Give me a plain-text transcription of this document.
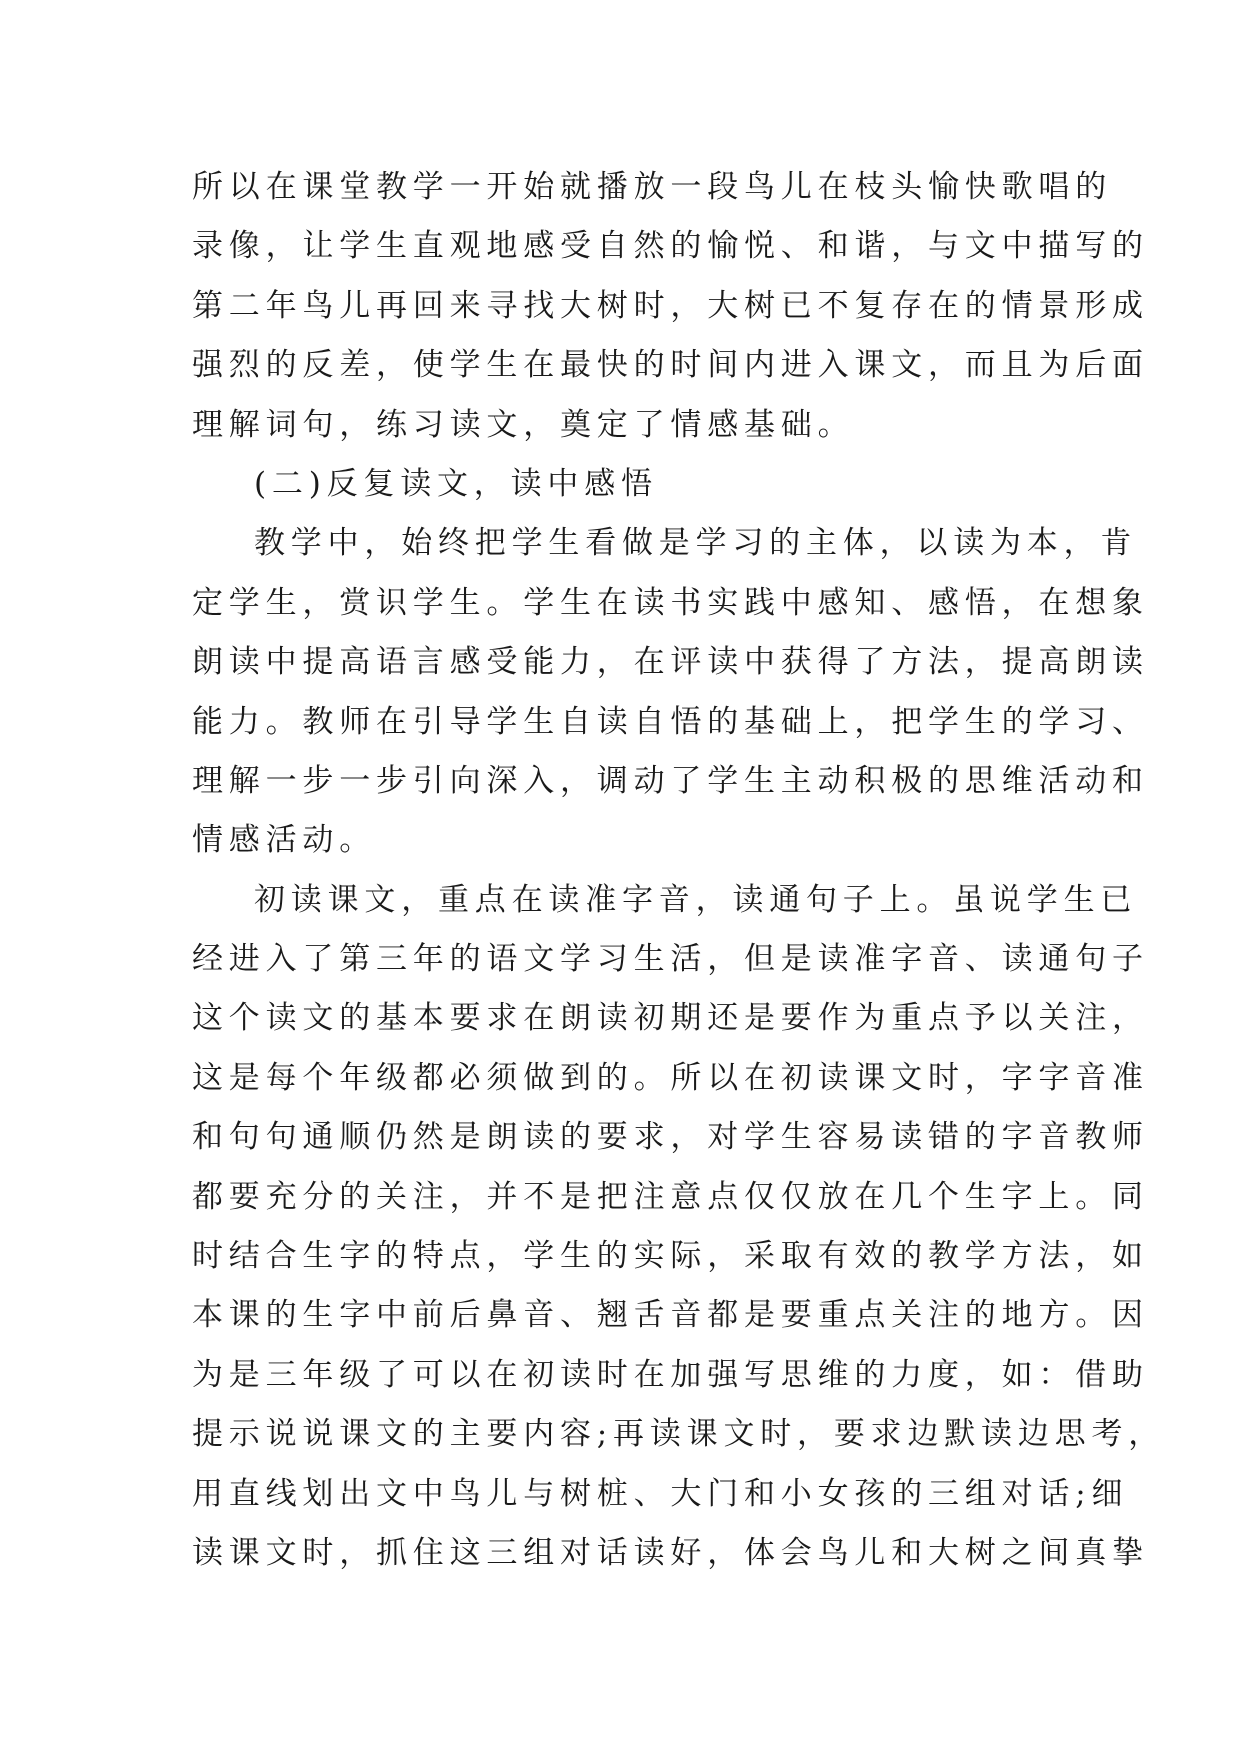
所以在课堂教学一开始就播放一段鸟儿在枝头愉快歌唱的
录像，让学生直观地感受自然的愉悦、和谐，与文中描写的
第二年鸟儿再回来寻找大树时，大树已不复存在的情景形成
强烈的反差，使学生在最快的时间内进入课文，而且为后面
理解词句，练习读文，奠定了情感基础。
(二)反复读文，读中感悟
教学中，始终把学生看做是学习的主体，以读为本，肯
定学生，赏识学生。学生在读书实践中感知、感悟，在想象
朗读中提高语言感受能力，在评读中获得了方法，提高朗读
能力。教师在引导学生自读自悟的基础上，把学生的学习、
理解一步一步引向深入，调动了学生主动积极的思维活动和
情感活动。
初读课文，重点在读准字音，读通句子上。虽说学生已
经进入了第三年的语文学习生活，但是读准字音、读通句子
这个读文的基本要求在朗读初期还是要作为重点予以关注，
这是每个年级都必须做到的。所以在初读课文时，字字音准
和句句通顺仍然是朗读的要求，对学生容易读错的字音教师
都要充分的关注，并不是把注意点仅仅放在几个生字上。同
时结合生字的特点，学生的实际，采取有效的教学方法，如
本课的生字中前后鼻音、翘舌音都是要重点关注的地方。因
为是三年级了可以在初读时在加强写思维的力度，如：借助
提示说说课文的主要内容;再读课文时，要求边默读边思考，
用直线划出文中鸟儿与树桩、大门和小女孩的三组对话;细
读课文时，抓住这三组对话读好，体会鸟儿和大树之间真挚
